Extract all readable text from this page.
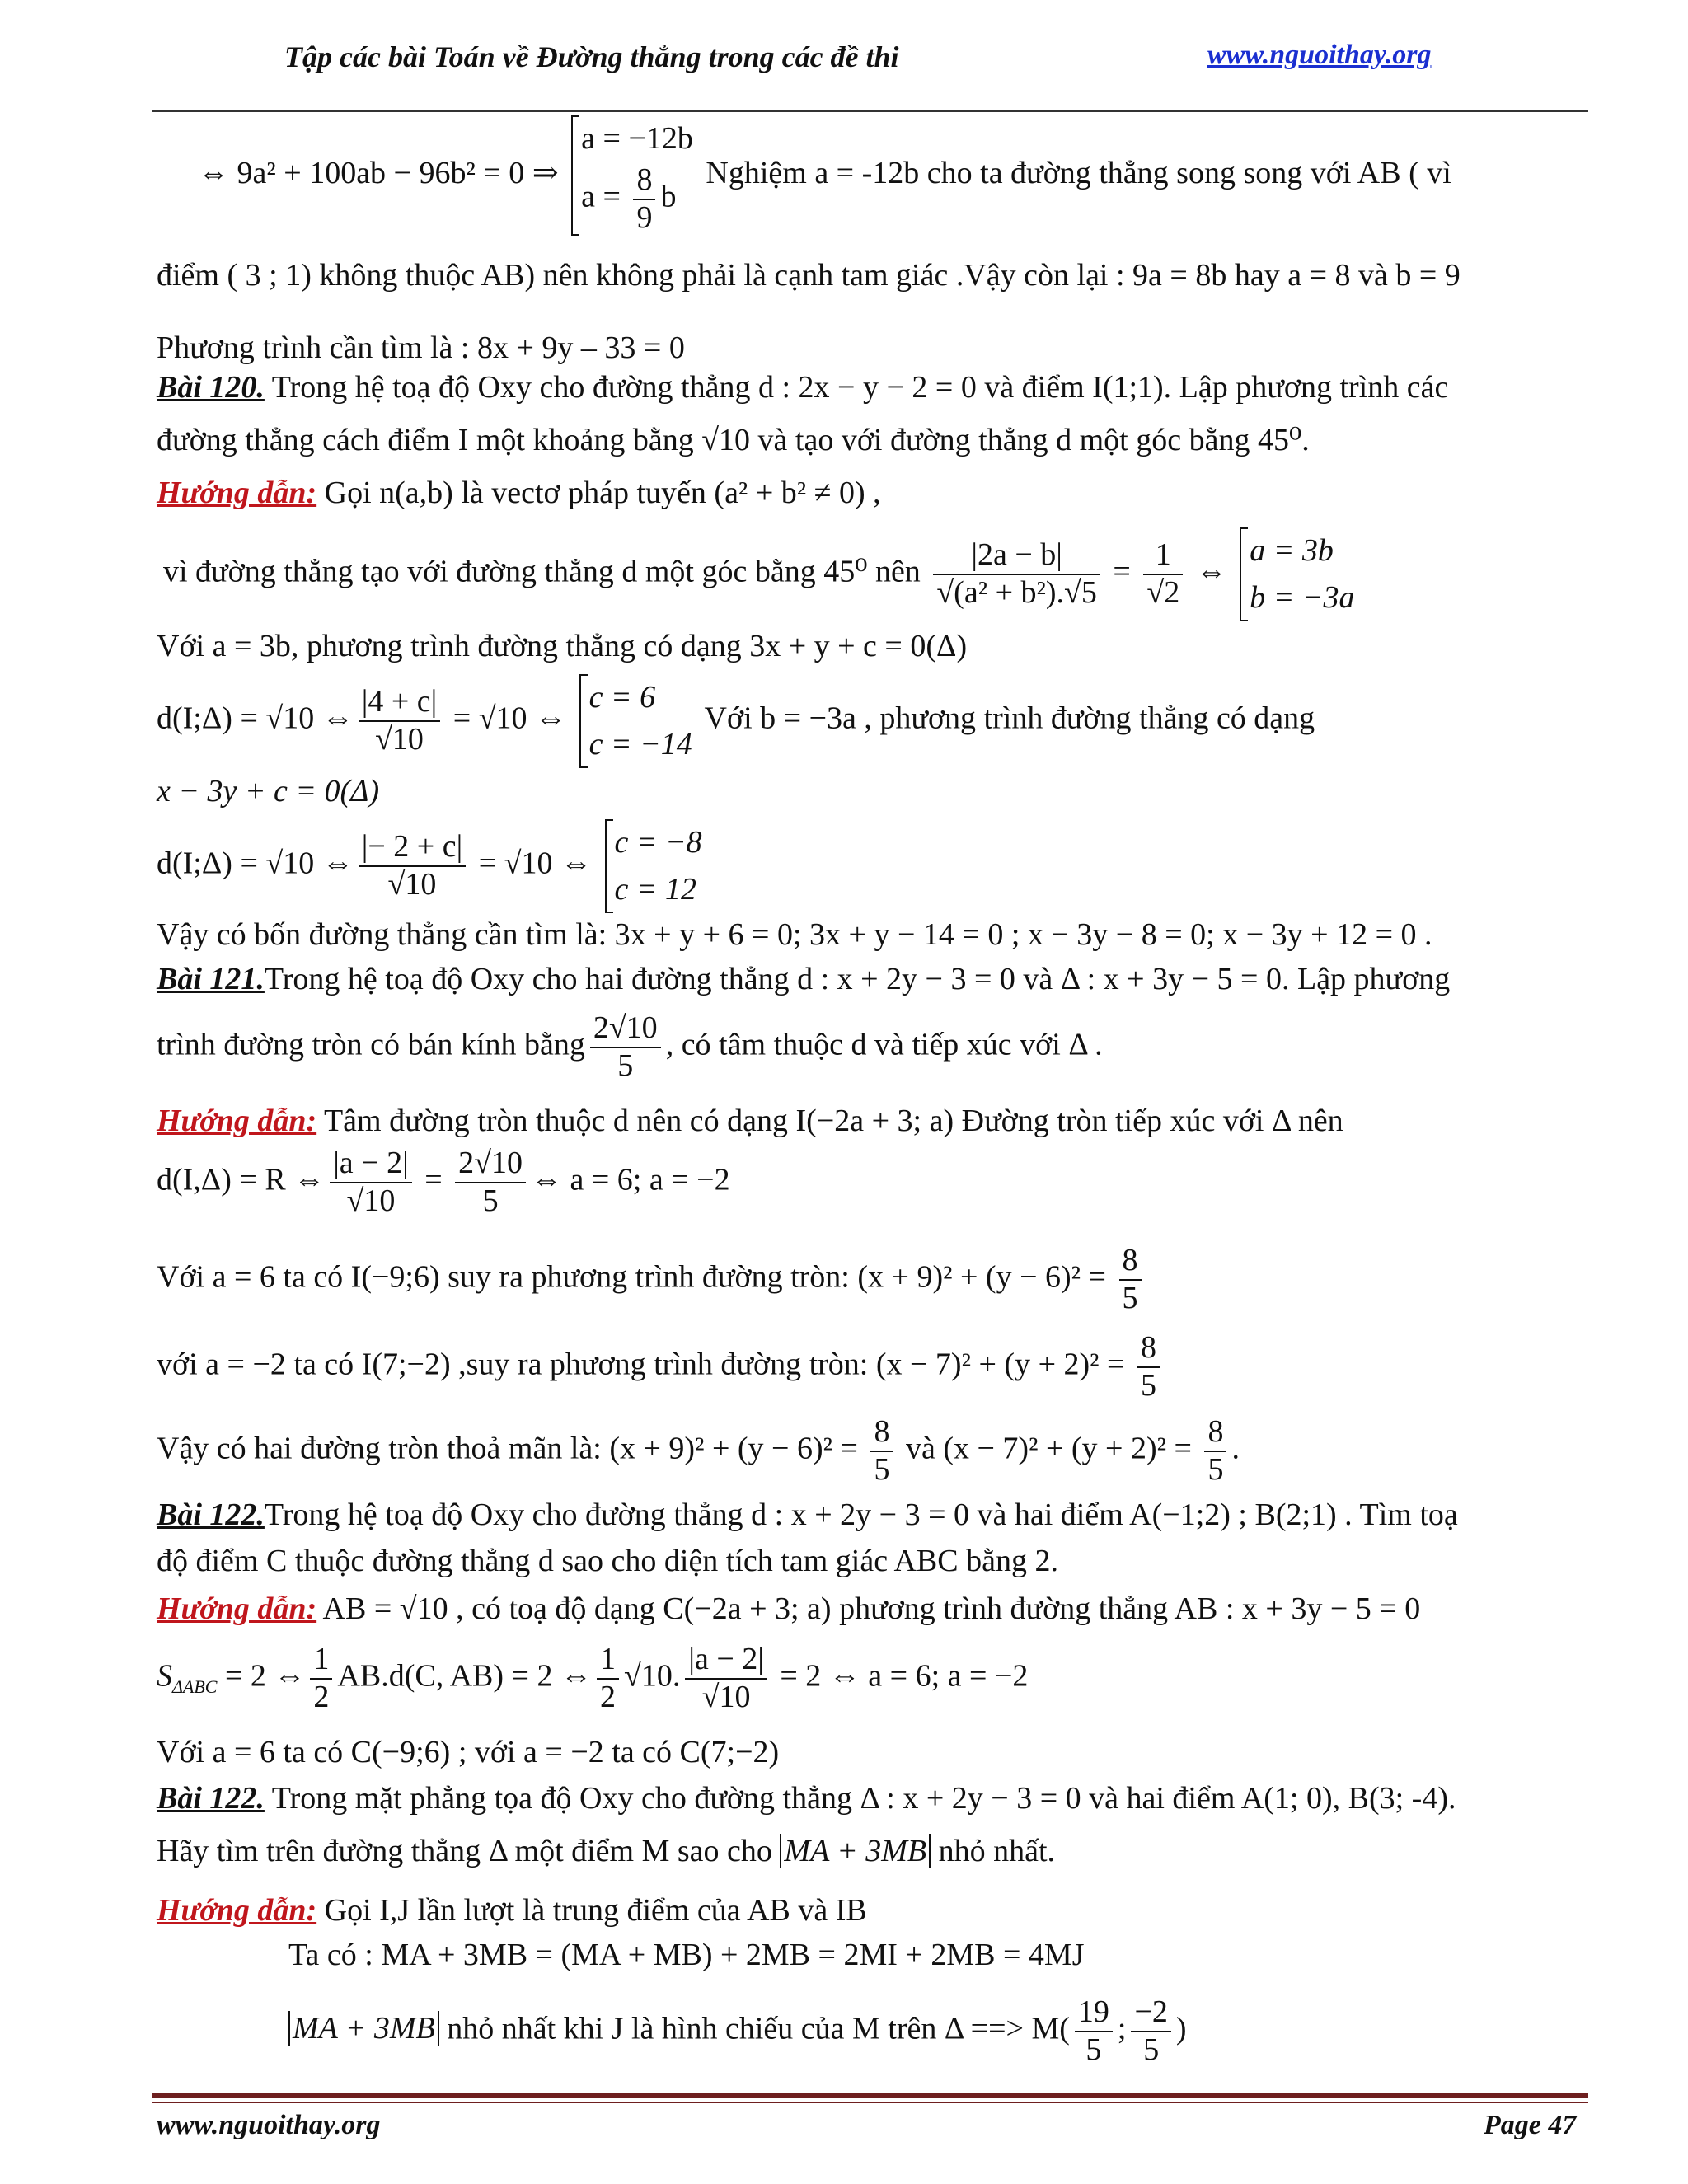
Tập các bài Toán về Đường thẳng trong các đề thi	www.nguoithay.org
⇔ 9a² + 100ab − 96b² = 0 ⇒
a = −12b
$a = \frac{8}{9}$ b
Nghiệm a = -12b cho ta đường thẳng song song với AB ( vì
điểm ( 3 ; 1) không thuộc AB) nên không phải là cạnh tam giác .Vậy còn lại : 9a = 8b hay a = 8 và b = 9
Phương trình cần tìm là : 8x + 9y – 33 = 0
Bài 120. Trong hệ toạ độ Oxy cho đường thẳng d : 2x − y − 2 = 0 và điểm I(1;1). Lập phương trình các
đường thẳng cách điểm I một khoảng bằng √10 và tạo với đường thẳng d một góc bằng 45⁰.
Hướng dẫn: Gọi n(a,b) là vectơ pháp tuyến (a² + b² ≠ 0) ,
vì đường thẳng tạo với đường thẳng d một góc bằng 45⁰ nên $\frac{|2a - b|}{\text{√(a² + b²).√5}} = \frac{1}{√2}$ ⇔
a = 3b
b = −3a
Với a = 3b, phương trình đường thẳng có dạng 3x + y + c = 0(Δ)
d(I;Δ) = √10 ⇔ $\frac{|4 + c|}{√10} = √10$ ⇔
c = 6
c = −14
Với b = −3a , phương trình đường thẳng có dạng
x − 3y + c = 0(Δ)
d(I;Δ) = √10 ⇔ $\frac{|- 2 + c|}{√10} = √10$ ⇔
c = −8
c = 12
Vậy có bốn đường thẳng cần tìm là: 3x + y + 6 = 0; 3x + y − 14 = 0 ; x − 3y − 8 = 0; x − 3y + 12 = 0 .
Bài 121.Trong hệ toạ độ Oxy cho hai đường thẳng d : x + 2y − 3 = 0 và Δ : x + 3y − 5 = 0. Lập phương
trình đường tròn có bán kính bằng $\frac{2√10}{5}$ , có tâm thuộc d và tiếp xúc với Δ .
Hướng dẫn: Tâm đường tròn thuộc d nên có dạng I(−2a + 3; a) Đường tròn tiếp xúc với Δ nên
d(I,Δ) = R ⇔ $\frac{|a - 2|}{√10} = \frac{2√10}{5}$ ⇔ a = 6; a = −2
Với a = 6 ta có I(−9;6) suy ra phương trình đường tròn: $(x + 9)^2 + (y - 6)^2 = \frac{8}{5}$
với a = −2 ta có I(7;−2) ,suy ra phương trình đường tròn: $(x - 7)^2 + (y + 2)^2 = \frac{8}{5}$
Vậy có hai đường tròn thoả mãn là: $(x + 9)^2 + (y - 6)^2 = \frac{8}{5}$ và $(x - 7)^2 + (y + 2)^2 = \frac{8}{5}$ .
Bài 122.Trong hệ toạ độ Oxy cho đường thẳng d : x + 2y − 3 = 0 và hai điểm A(−1;2) ; B(2;1) . Tìm toạ
độ điểm C thuộc đường thẳng d sao cho diện tích tam giác ABC bằng 2.
Hướng dẫn: AB = √10 , có toạ độ dạng C(−2a + 3; a) phương trình đường thẳng AB : x + 3y − 5 = 0
$S_{\Delta ABC} = 2$ ⇔ $\frac{1}{2} AB.d(C$, AB) = 2 ⇔ $\frac{1}{2} √10$. $\frac{|a - 2|}{√10} = 2$ ⇔ a = 6; a = −2
Với a = 6 ta có C(−9;6) ; với a = −2 ta có C(7;−2)
Bài 122. Trong mặt phẳng tọa độ Oxy cho đường thẳng Δ : x + 2y − 3 = 0 và hai điểm A(1; 0), B(3; -4).
Hãy tìm trên đường thẳng Δ một điểm M sao cho MA + 3MB nhỏ nhất.
Hướng dẫn: Gọi I,J lần lượt là trung điểm của AB và IB
Ta có : MA + 3MB = (MA + MB) + 2MB = 2MI + 2MB = 4MJ
MA + 3MB nhỏ nhất khi J là hình chiếu của M trên Δ ==> $M( \frac{19}{5}$ ; $\frac{-2}{5}$ )
www.nguoithay.org	Page 47
